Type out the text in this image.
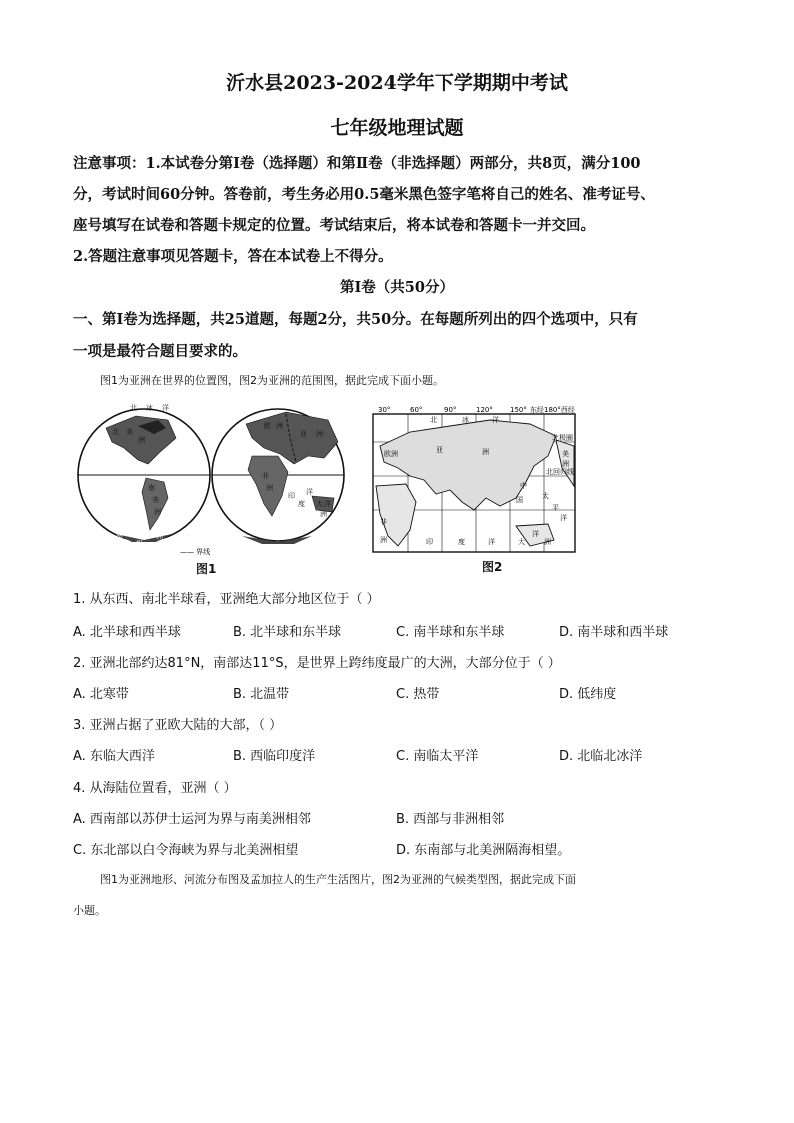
沂水县2023-2024学年下学期期中考试
七年级地理试题
注意事项：1.本试卷分第Ⅰ卷（选择题）和第Ⅱ卷（非选择题）两部分，共8页，满分100
分，考试时间60分钟。答卷前，考生务必用0.5毫米黑色签字笔将自己的姓名、准考证号、
座号填写在试卷和答题卡规定的位置。考试结束后，将本试卷和答题卡一并交回。
2.答题注意事项见答题卡，答在本试卷上不得分。
第Ⅰ卷（共50分）
一、第Ⅰ卷为选择题，共25道题，每题2分，共50分。在每题所列出的四个选项中，只有
一项是最符合题目要求的。
图1为亚洲在世界的位置图，图2为亚洲的范围图，据此完成下面小题。
—— 界线
北 冰 洋
北 美
洲
南
美
洲
欧 洲
亚 洲
非
洲
大 洋
洲
南
极
洲
印
度
洋
图1
30°	60°	90°	120° 150° 东经180°西经
北极圈
北回归线
北	冰	洋
欧洲	亚	洲	美
洲
中
国	太
平
洋
印	度	洋	大
洋
洲
非
洲
图2
1. 从东西、南北半球看，亚洲绝大部分地区位于（ ）
A. 北半球和西半球	B. 北半球和东半球	C. 南半球和东半球	D. 南半球和西半球
2. 亚洲北部约达81°N，南部达11°S，是世界上跨纬度最广的大洲，大部分位于（ ）
A. 北寒带	B. 北温带	C. 热带	D. 低纬度
3. 亚洲占据了亚欧大陆的大部，（ ）
A. 东临大西洋	B. 西临印度洋	C. 南临太平洋	D. 北临北冰洋
4. 从海陆位置看，亚洲（ ）
A. 西南部以苏伊士运河为界与南美洲相邻	B. 西部与非洲相邻
C. 东北部以白令海峡为界与北美洲相望	D. 东南部与北美洲隔海相望。
图1为亚洲地形、河流分布图及孟加拉人的生产生活图片，图2为亚洲的气候类型图，据此完成下面
小题。
